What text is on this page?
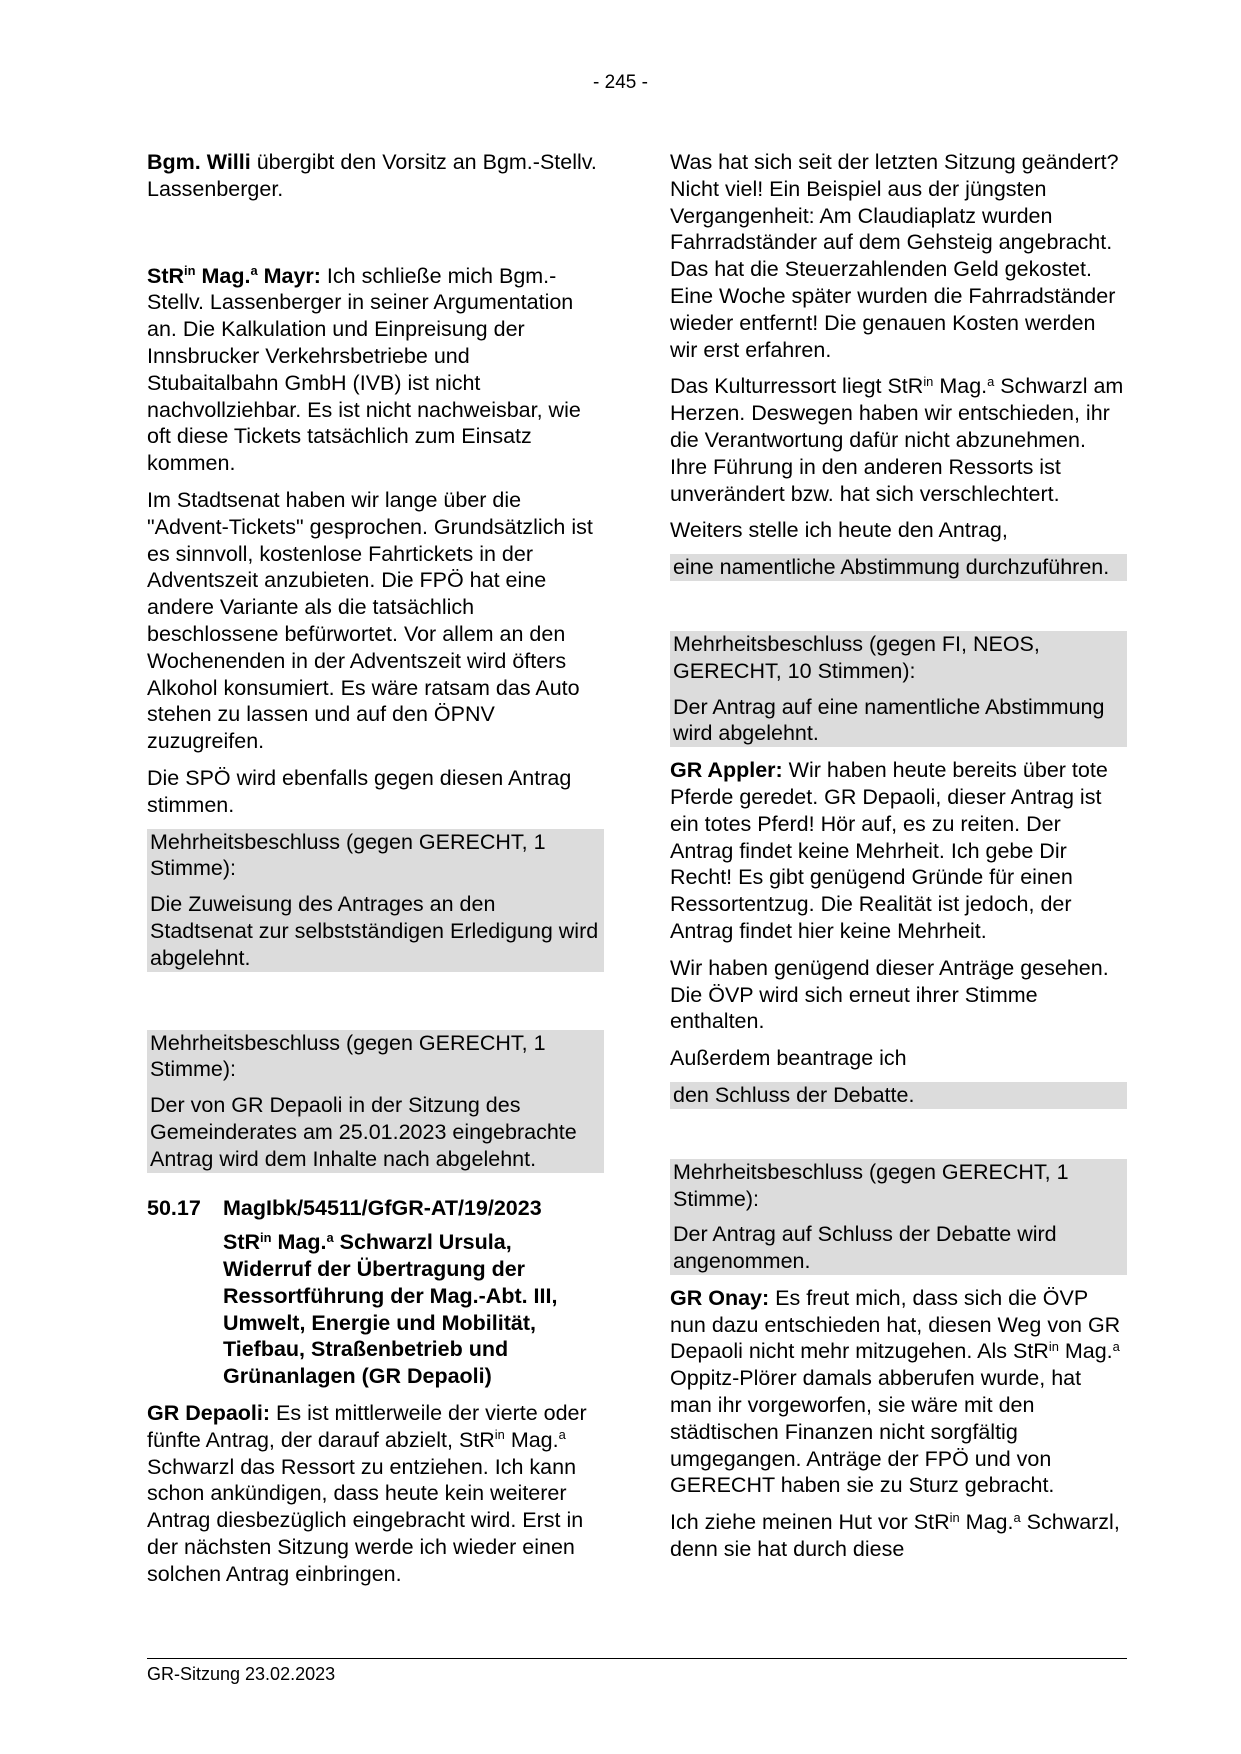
- 245 -

Bgm. Willi übergibt den Vorsitz an Bgm.-Stellv. Lassenberger.

StR$^{in}$ Mag.$^a$ Mayr: Ich schließe mich Bgm.-Stellv. Lassenberger in seiner Argumentation an. Die Kalkulation und Einpreisung der Innsbrucker Verkehrsbetriebe und Stubaitalbahn GmbH (IVB) ist nicht nachvollziehbar. Es ist nicht nachweisbar, wie oft diese Tickets tatsächlich zum Einsatz kommen.

Im Stadtsenat haben wir lange über die "Advent-Tickets" gesprochen. Grundsätzlich ist es sinnvoll, kostenlose Fahrtickets in der Adventszeit anzubieten. Die FPÖ hat eine andere Variante als die tatsächlich beschlossene befürwortet. Vor allem an den Wochenenden in der Adventszeit wird öfters Alkohol konsumiert. Es wäre ratsam das Auto stehen zu lassen und auf den ÖPNV zuzugreifen.

Die SPÖ wird ebenfalls gegen diesen Antrag stimmen.

Mehrheitsbeschluss (gegen GERECHT, 1 Stimme):

Die Zuweisung des Antrages an den Stadtsenat zur selbstständigen Erledigung wird abgelehnt.

Mehrheitsbeschluss (gegen GERECHT, 1 Stimme):

Der von GR Depaoli in der Sitzung des Gemeinderates am 25.01.2023 eingebrachte Antrag wird dem Inhalte nach abgelehnt.

50.17	MagIbk/54511/GfGR-AT/19/2023
StR$^{in}$ Mag.$^a$ Schwarzl Ursula, Widerruf der Übertragung der Ressortführung der Mag.-Abt. III, Umwelt, Energie und Mobilität, Tiefbau, Straßenbetrieb und Grünanlagen (GR Depaoli)

GR Depaoli: Es ist mittlerweile der vierte oder fünfte Antrag, der darauf abzielt, StR$^{in}$ Mag.$^a$ Schwarzl das Ressort zu entziehen. Ich kann schon ankündigen, dass heute kein weiterer Antrag diesbezüglich eingebracht wird. Erst in der nächsten Sitzung werde ich wieder einen solchen Antrag einbringen.

Was hat sich seit der letzten Sitzung geändert? Nicht viel! Ein Beispiel aus der jüngsten Vergangenheit: Am Claudiaplatz wurden Fahrradständer auf dem Gehsteig angebracht. Das hat die Steuerzahlenden Geld gekostet. Eine Woche später wurden die Fahrradständer wieder entfernt! Die genauen Kosten werden wir erst erfahren.

Das Kulturressort liegt StR$^{in}$ Mag.$^a$ Schwarzl am Herzen. Deswegen haben wir entschieden, ihr die Verantwortung dafür nicht abzunehmen. Ihre Führung in den anderen Ressorts ist unverändert bzw. hat sich verschlechtert.

Weiters stelle ich heute den Antrag,

eine namentliche Abstimmung durchzuführen.

Mehrheitsbeschluss (gegen FI, NEOS, GERECHT, 10 Stimmen):

Der Antrag auf eine namentliche Abstimmung wird abgelehnt.

GR Appler: Wir haben heute bereits über tote Pferde geredet. GR Depaoli, dieser Antrag ist ein totes Pferd! Hör auf, es zu reiten. Der Antrag findet keine Mehrheit. Ich gebe Dir Recht! Es gibt genügend Gründe für einen Ressortentzug. Die Realität ist jedoch, der Antrag findet hier keine Mehrheit.

Wir haben genügend dieser Anträge gesehen. Die ÖVP wird sich erneut ihrer Stimme enthalten.

Außerdem beantrage ich

den Schluss der Debatte.

Mehrheitsbeschluss (gegen GERECHT, 1 Stimme):

Der Antrag auf Schluss der Debatte wird angenommen.

GR Onay: Es freut mich, dass sich die ÖVP nun dazu entschieden hat, diesen Weg von GR Depaoli nicht mehr mitzugehen. Als StR$^{in}$ Mag.$^a$ Oppitz-Plörer damals abberufen wurde, hat man ihr vorgeworfen, sie wäre mit den städtischen Finanzen nicht sorgfältig umgegangen. Anträge der FPÖ und von GERECHT haben sie zu Sturz gebracht.

Ich ziehe meinen Hut vor StR$^{in}$ Mag.$^a$ Schwarzl, denn sie hat durch diese

GR-Sitzung 23.02.2023
